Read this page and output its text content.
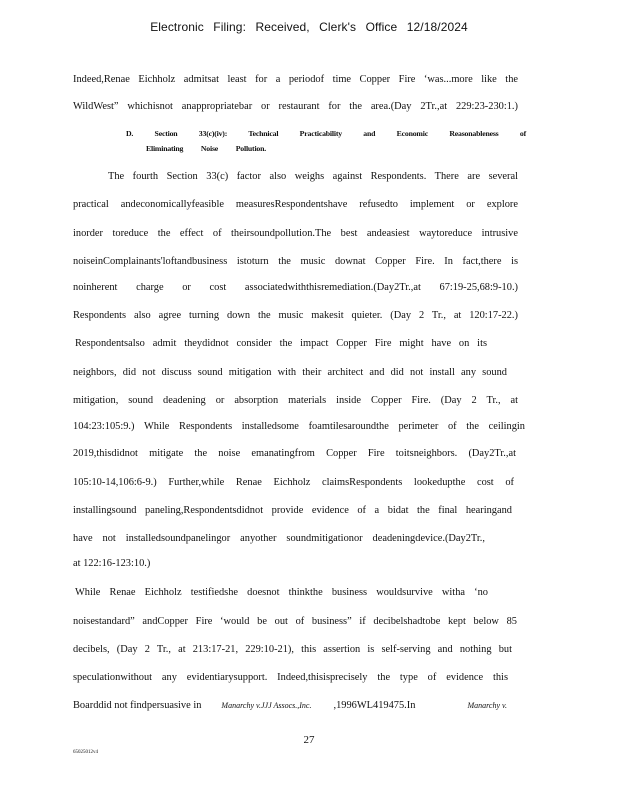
Electronic Filing: Received, Clerk's Office 12/18/2024
Indeed,Renae Eichholz admitsat least for a periodof time Copper Fire ‘was...more like the
WildWest” whichisnot anappropriatebar or restaurant for the area.(Day 2Tr.,at 229:23-230:1.)
D. Section 33(c)(iv): Technical Practicability and Economic Reasonableness of
Eliminating Noise Pollution.
The fourth Section 33(c) factor also weighs against Respondents. There are several
practical andeconomicallyfeasible measuresRespondentshave refusedto implement or explore
inorder toreduce the effect of theirsoundpollution.The best andeasiest waytoreduce intrusive
noiseinComplainants'loftandbusiness istoturn the music downat Copper Fire. In fact,there is
noinherent charge or cost associatedwiththisremediation.(Day2Tr.,at 67:19-25,68:9-10.)
Respondents also agree turning down the music makesit quieter. (Day 2 Tr., at 120:17-22.)
Respondentsalso admit theydidnot consider the impact Copper Fire might have on its
neighbors, did not discuss sound mitigation with their architect and did not install any sound
mitigation, sound deadening or absorption materials inside Copper Fire. (Day 2 Tr., at
104:23:105:9.) While Respondents installedsome foamtilesaroundthe perimeter of the ceilingin
2019,thisdidnot mitigate the noise emanatingfrom Copper Fire toitsneighbors. (Day2Tr.,at
105:10-14,106:6-9.) Further,while Renae Eichholz claimsRespondents lookedupthe cost of
installingsound paneling,Respondentsdidnot provide evidence of a bidat the final hearingand
have not installedsoundpanelingor anyother soundmitigationor deadeningdevice.(Day2Tr.,
at 122:16-123:10.)
While Renae Eichholz testifiedshe doesnot thinkthe business wouldsurvive witha ‘no
noisestandard” andCopper Fire ‘would be out of business” if decibelshadtobe kept below 85
decibels, (Day 2 Tr., at 213:17-21, 229:10-21), this assertion is self-serving and nothing but
speculationwithout any evidentiarysupport. Indeed,thisisprecisely the type of evidence this
Boarddid not findpersuasive in	Manarchy v.JJJ Assocs.,Inc. ,1996WL419475.In	Manarchy v.
27
65025012v4
